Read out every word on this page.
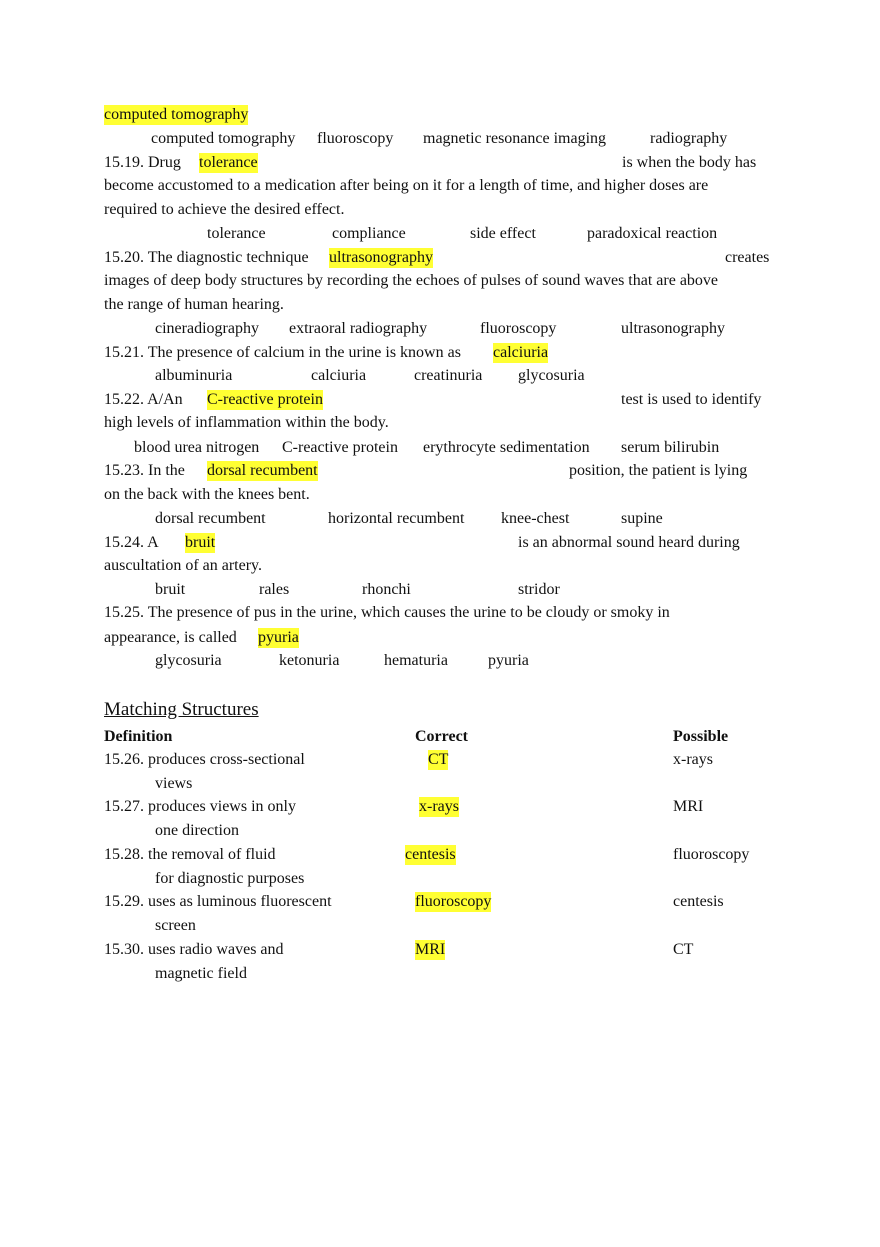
computed tomography
computed tomography fluoroscopy magnetic resonance imaging	radiography
15.19. Drug tolerance	is when the body has
become accustomed to a medication after being on it for a length of time, and higher doses are
required to achieve the desired effect.
tolerance	compliance	side effect	paradoxical reaction
15.20. The diagnostic technique ultrasonography	creates
images of deep body structures by recording the echoes of pulses of sound waves that are above
the range of human hearing.
cineradiography extraoral radiography	fluoroscopy	ultrasonography
15.21. The presence of calcium in the urine is known as calciuria
albuminuria	calciuria	creatinuria glycosuria
15.22. A/An C-reactive protein	test is used to identify
high levels of inflammation within the body.
blood urea nitrogen C-reactive protein erythrocyte sedimentation serum bilirubin
15.23. In the dorsal recumbent	position, the patient is lying
on the back with the knees bent.
dorsal recumbent	horizontal recumbent knee-chest	supine
15.24. A bruit	is an abnormal sound heard during
auscultation of an artery.
bruit	rales	rhonchi	stridor
15.25. The presence of pus in the urine, which causes the urine to be cloudy or smoky in
appearance, is called pyuria
glycosuria	ketonuria	hematuria	pyuria
Matching Structures
Definition	Correct	Possible
15.26. produces cross-sectional
views
CT	x-rays
15.27. produces views in only
one direction
x-rays	MRI
15.28. the removal of fluid
for diagnostic purposes
centesis	fluoroscopy
15.29. uses as luminous fluorescent
screen
fluoroscopy	centesis
15.30. uses radio waves and
magnetic field
MRI	CT
